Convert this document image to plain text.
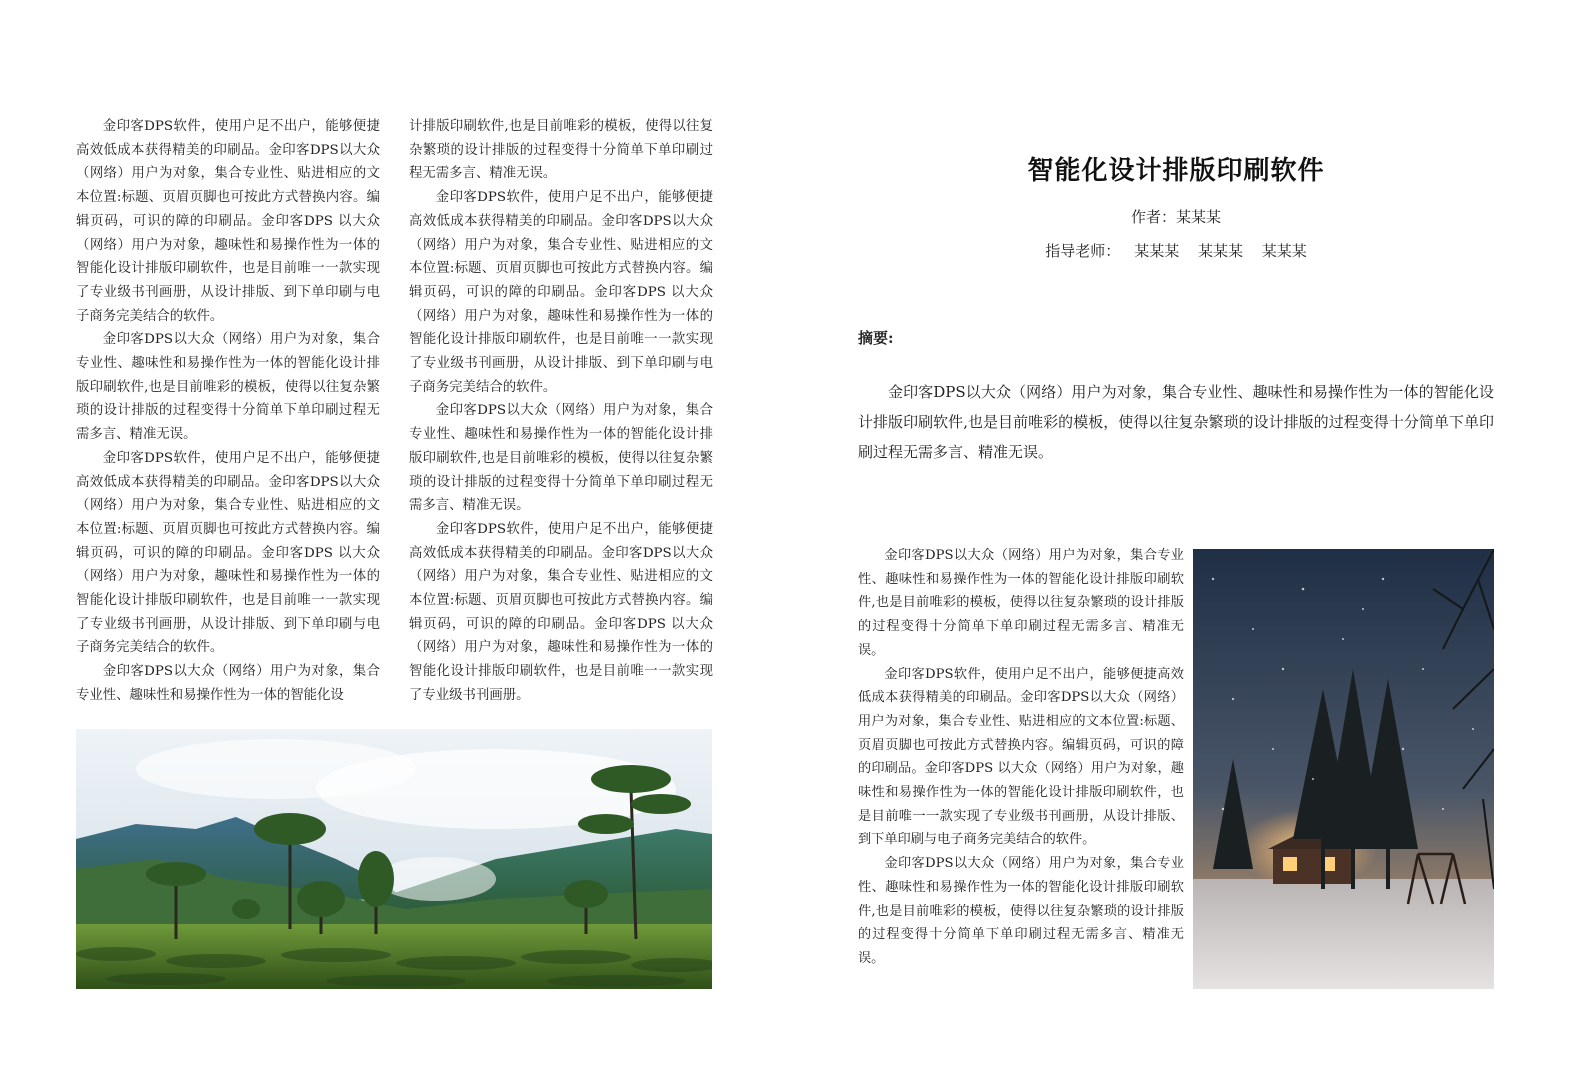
金印客DPS软件，使用户足不出户，能够便捷高效低成本获得精美的印刷品。金印客DPS以大众（网络）用户为对象，集合专业性、贴进相应的文本位置:标题、页眉页脚也可按此方式替换内容。编辑页码，可识的障的印刷品。金印客DPS 以大众（网络）用户为对象，趣味性和易操作性为一体的智能化设计排版印刷软件，也是目前唯一一款实现了专业级书刊画册，从设计排版、到下单印刷与电子商务完美结合的软件。

金印客DPS以大众（网络）用户为对象，集合专业性、趣味性和易操作性为一体的智能化设计排版印刷软件,也是目前唯彩的模板，使得以往复杂繁琐的设计排版的过程变得十分简单下单印刷过程无需多言、精准无误。

金印客DPS软件，使用户足不出户，能够便捷高效低成本获得精美的印刷品。金印客DPS以大众（网络）用户为对象，集合专业性、贴进相应的文本位置:标题、页眉页脚也可按此方式替换内容。编辑页码，可识的障的印刷品。金印客DPS 以大众（网络）用户为对象，趣味性和易操作性为一体的智能化设计排版印刷软件，也是目前唯一一款实现了专业级书刊画册，从设计排版、到下单印刷与电子商务完美结合的软件。

金印客DPS以大众（网络）用户为对象，集合专业性、趣味性和易操作性为一体的智能化设

计排版印刷软件,也是目前唯彩的模板，使得以往复杂繁琐的设计排版的过程变得十分简单下单印刷过程无需多言、精准无误。

金印客DPS软件，使用户足不出户，能够便捷高效低成本获得精美的印刷品。金印客DPS以大众（网络）用户为对象，集合专业性、贴进相应的文本位置:标题、页眉页脚也可按此方式替换内容。编辑页码，可识的障的印刷品。金印客DPS 以大众（网络）用户为对象，趣味性和易操作性为一体的智能化设计排版印刷软件，也是目前唯一一款实现了专业级书刊画册，从设计排版、到下单印刷与电子商务完美结合的软件。

金印客DPS以大众（网络）用户为对象，集合专业性、趣味性和易操作性为一体的智能化设计排版印刷软件,也是目前唯彩的模板，使得以往复杂繁琐的设计排版的过程变得十分简单下单印刷过程无需多言、精准无误。

金印客DPS软件，使用户足不出户，能够便捷高效低成本获得精美的印刷品。金印客DPS以大众（网络）用户为对象，集合专业性、贴进相应的文本位置:标题、页眉页脚也可按此方式替换内容。编辑页码，可识的障的印刷品。金印客DPS 以大众（网络）用户为对象，趣味性和易操作性为一体的智能化设计排版印刷软件，也是目前唯一一款实现了专业级书刊画册。

智能化设计排版印刷软件
作者：某某某
指导老师： 某某某 某某某 某某某
摘要:

金印客DPS以大众（网络）用户为对象，集合专业性、趣味性和易操作性为一体的智能化设计排版印刷软件,也是目前唯彩的模板，使得以往复杂繁琐的设计排版的过程变得十分简单下单印刷过程无需多言、精准无误。

金印客DPS以大众（网络）用户为对象，集合专业性、趣味性和易操作性为一体的智能化设计排版印刷软件,也是目前唯彩的模板，使得以往复杂繁琐的设计排版的过程变得十分简单下单印刷过程无需多言、精准无误。

金印客DPS软件，使用户足不出户，能够便捷高效低成本获得精美的印刷品。金印客DPS以大众（网络）用户为对象，集合专业性、贴进相应的文本位置:标题、页眉页脚也可按此方式替换内容。编辑页码，可识的障的印刷品。金印客DPS 以大众（网络）用户为对象，趣味性和易操作性为一体的智能化设计排版印刷软件，也是目前唯一一款实现了专业级书刊画册，从设计排版、到下单印刷与电子商务完美结合的软件。

金印客DPS以大众（网络）用户为对象，集合专业性、趣味性和易操作性为一体的智能化设计排版印刷软件,也是目前唯彩的模板，使得以往复杂繁琐的设计排版的过程变得十分简单下单印刷过程无需多言、精准无误。
